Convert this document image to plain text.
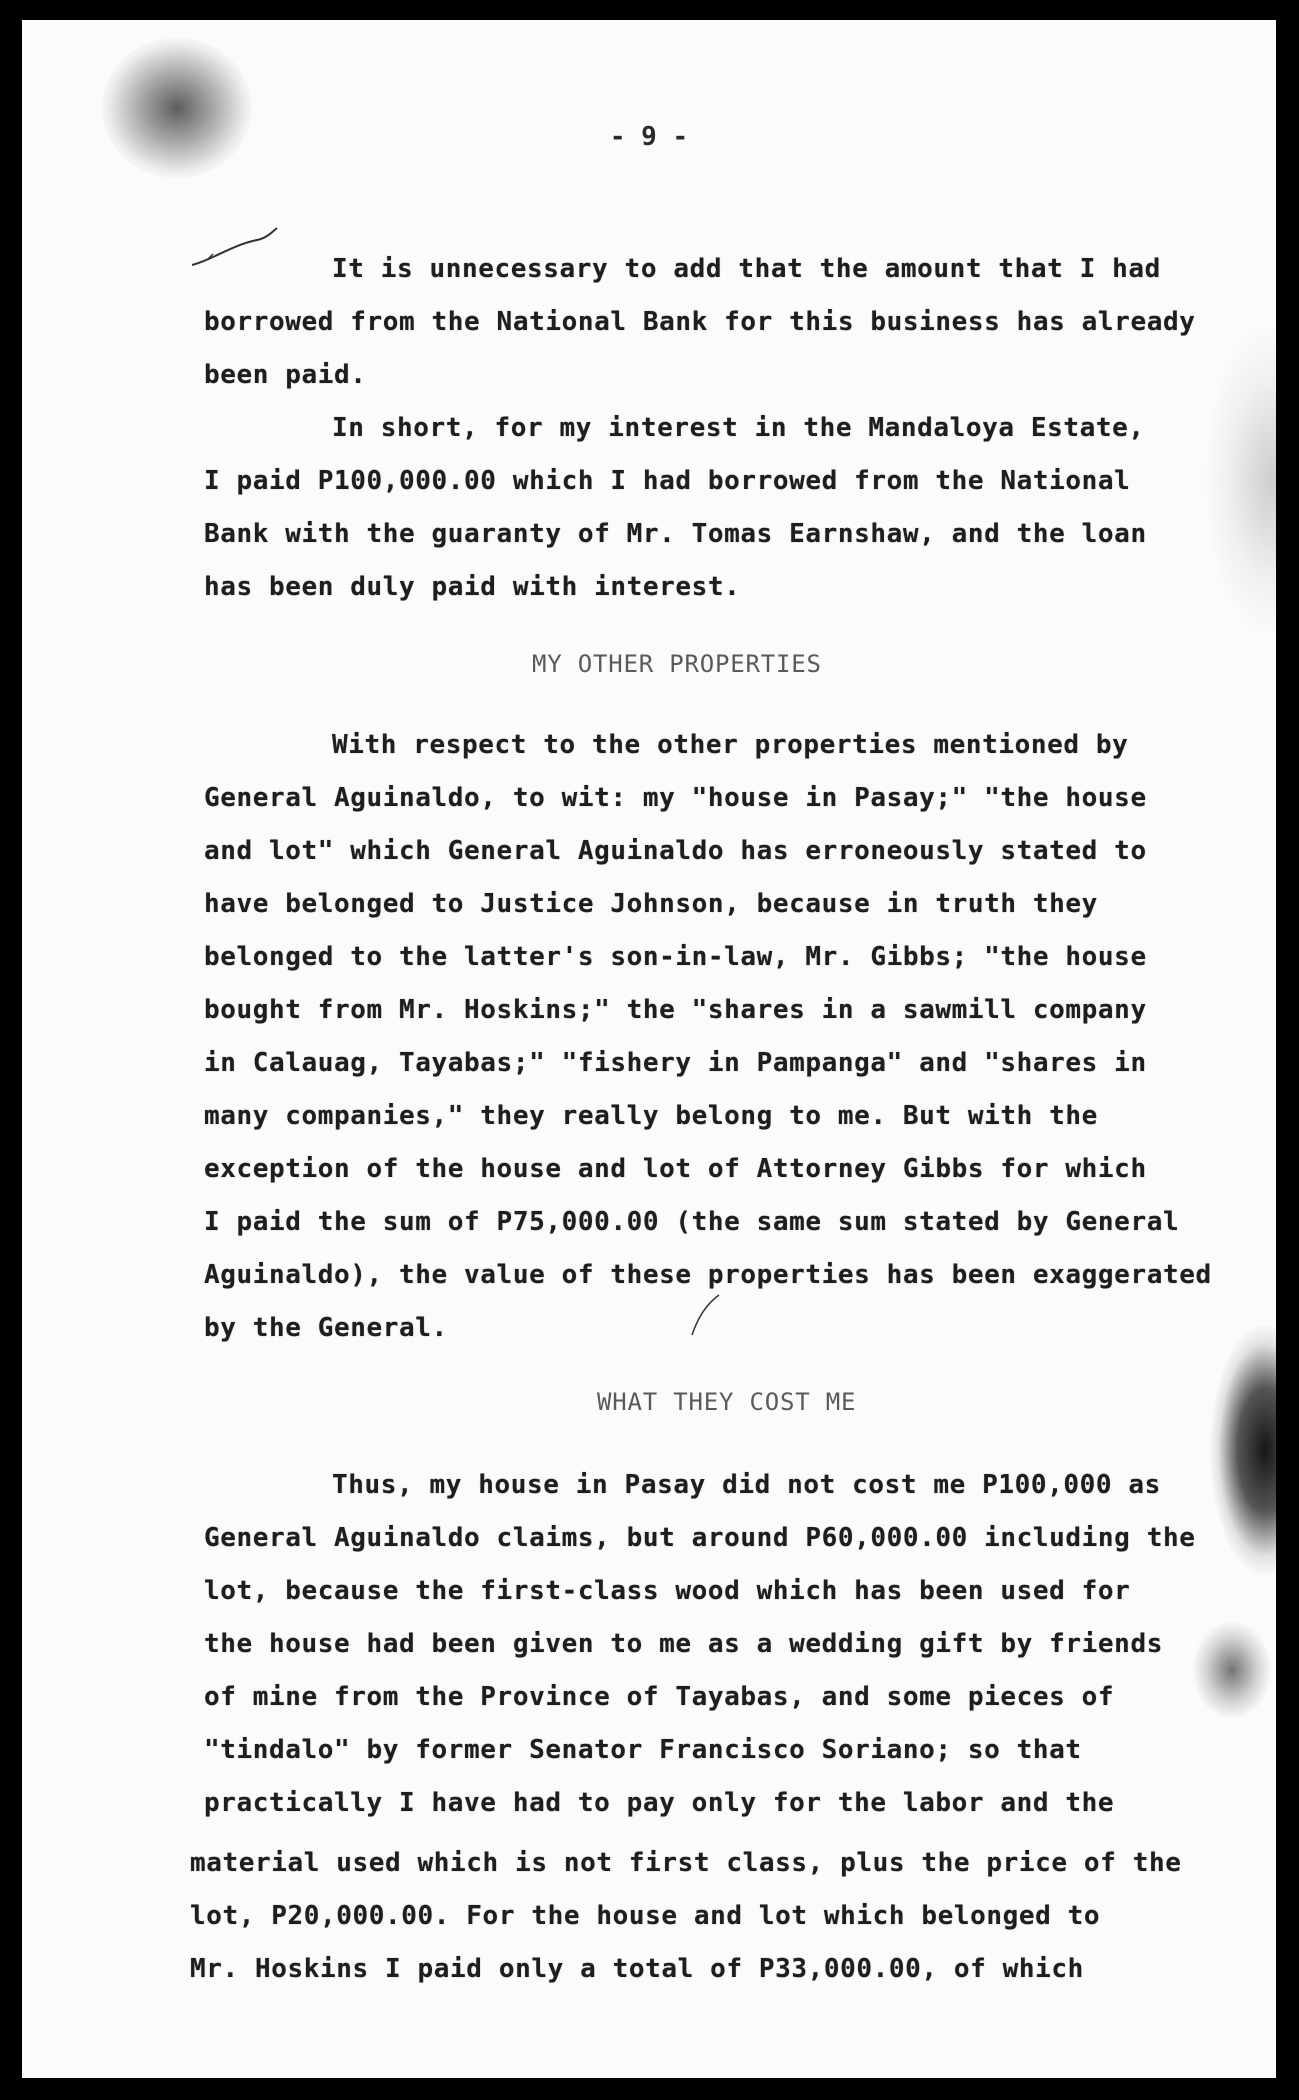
- 9 -
It is unnecessary to add that the amount that I had
borrowed from the National Bank for this business has already
been paid.
In short, for my interest in the Mandaloya Estate,
I paid P100,000.00 which I had borrowed from the National
Bank with the guaranty of Mr. Tomas Earnshaw, and the loan
has been duly paid with interest.
MY OTHER PROPERTIES
With respect to the other properties mentioned by
General Aguinaldo, to wit: my "house in Pasay;" "the house
and lot" which General Aguinaldo has erroneously stated to
have belonged to Justice Johnson, because in truth they
belonged to the latter's son-in-law, Mr. Gibbs; "the house
bought from Mr. Hoskins;" the "shares in a sawmill company
in Calauag, Tayabas;" "fishery in Pampanga" and "shares in
many companies," they really belong to me. But with the
exception of the house and lot of Attorney Gibbs for which
I paid the sum of P75,000.00 (the same sum stated by General
Aguinaldo), the value of these properties has been exaggerated
by the General.
WHAT THEY COST ME
Thus, my house in Pasay did not cost me P100,000 as
General Aguinaldo claims, but around P60,000.00 including the
lot, because the first-class wood which has been used for
the house had been given to me as a wedding gift by friends
of mine from the Province of Tayabas, and some pieces of
"tindalo" by former Senator Francisco Soriano; so that
practically I have had to pay only for the labor and the
material used which is not first class, plus the price of the
lot, P20,000.00. For the house and lot which belonged to
Mr. Hoskins I paid only a total of P33,000.00, of which
